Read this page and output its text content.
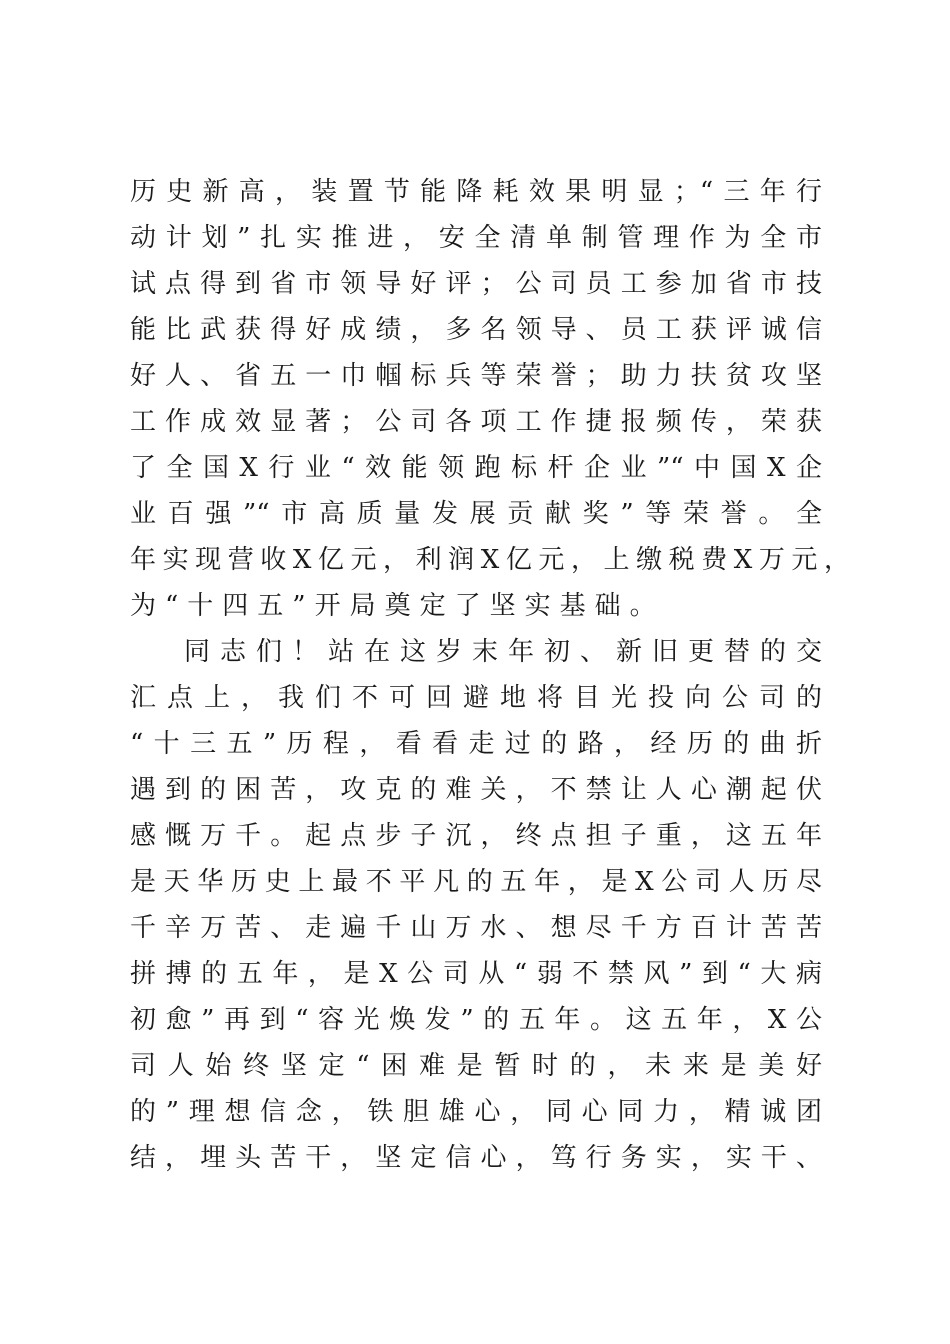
历史新高，装置节能降耗效果明显；“三年行
动计划”扎实推进，安全清单制管理作为全市
试点得到省市领导好评；公司员工参加省市技
能比武获得好成绩，多名领导、员工获评诚信
好人、省五一巾帼标兵等荣誉；助力扶贫攻坚
工作成效显著；公司各项工作捷报频传，荣获
了全国X行业“效能领跑标杆企业”“中国X企
业百强”“市高质量发展贡献奖”等荣誉。全
年实现营收X亿元，利润X亿元，上缴税费X万元，
为“十四五”开局奠定了坚实基础。
同志们！站在这岁末年初、新旧更替的交
汇点上，我们不可回避地将目光投向公司的
“十三五”历程，看看走过的路，经历的曲折
遇到的困苦，攻克的难关，不禁让人心潮起伏
感慨万千。起点步子沉，终点担子重，这五年
是天华历史上最不平凡的五年，是X公司人历尽
千辛万苦、走遍千山万水、想尽千方百计苦苦
拼搏的五年，是X公司从“弱不禁风”到“大病
初愈”再到“容光焕发”的五年。这五年，X公
司人始终坚定“困难是暂时的，未来是美好
的”理想信念，铁胆雄心，同心同力，精诚团
结，埋头苦干，坚定信心，笃行务实，实干、
